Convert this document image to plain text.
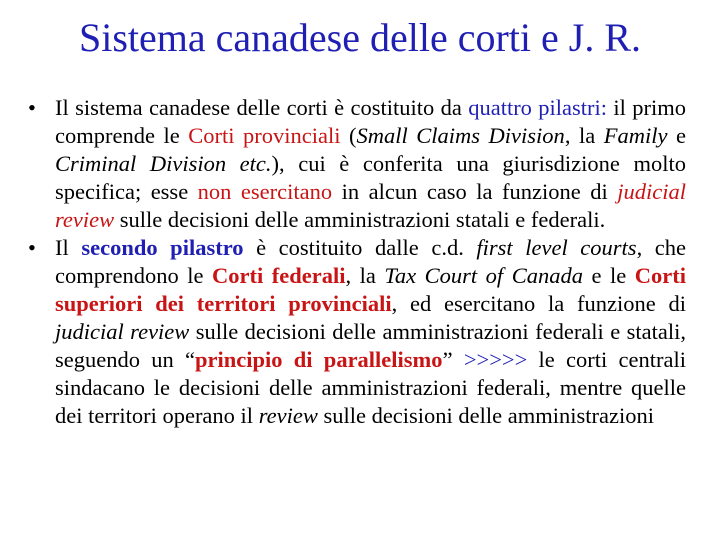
Sistema canadese delle corti e J. R.
• Il sistema canadese delle corti è costituito da quattro pilastri: il primo comprende le Corti provinciali (Small Claims Division, la Family e Criminal Division etc.), cui è conferita una giurisdizione molto specifica; esse non esercitano in alcun caso la funzione di judicial review sulle decisioni delle amministrazioni statali e federali.
• Il secondo pilastro è costituito dalle c.d. first level courts, che comprendono le Corti federali, la Tax Court of Canada e le Corti superiori dei territori provinciali, ed esercitano la funzione di judicial review sulle decisioni delle amministrazioni federali e statali, seguendo un “principio di parallelismo” >>>>> le corti centrali sindacano le decisioni delle amministrazioni federali, mentre quelle dei territori operano il review sulle decisioni delle amministrazioni
